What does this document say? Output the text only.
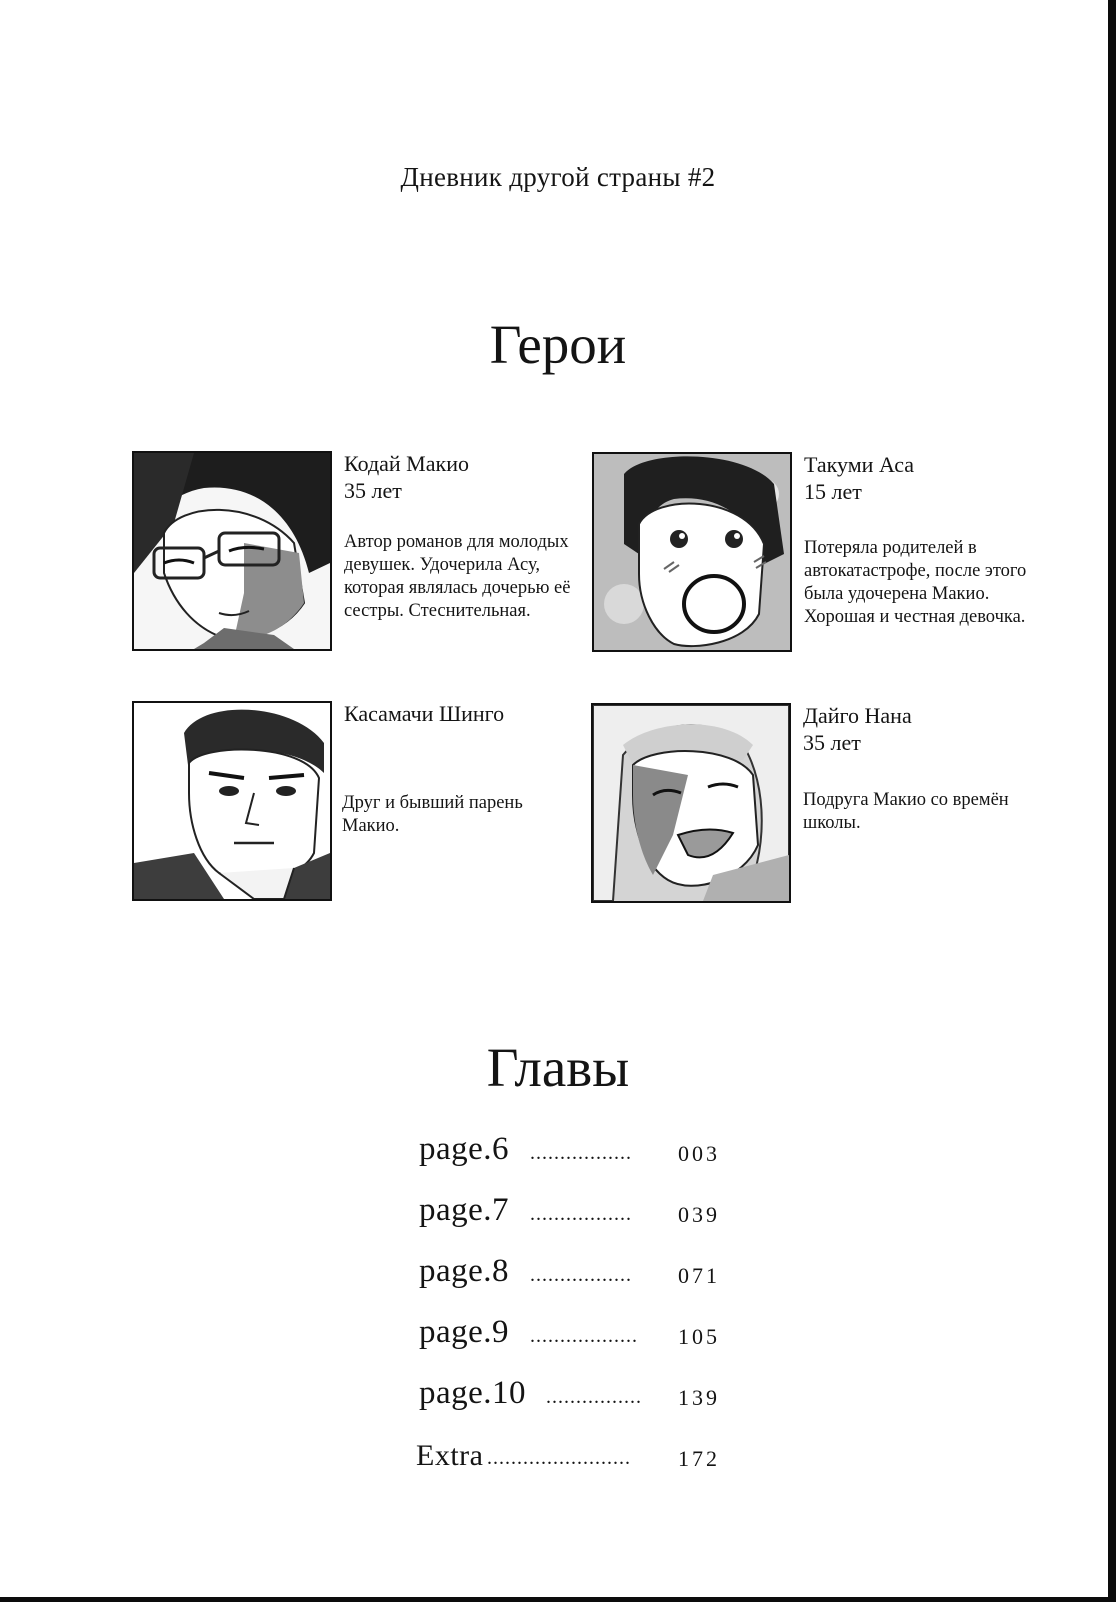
Дневник другой страны #2
Герои
Кодай Макио
35 лет
Автор романов для молодых девушек. Удочерила Асу, которая являлась дочерью её сестры. Стеснительная.
Такуми Аса
15 лет
Потеряла родителей в автокатастрофе, после этого была удочерена Макио. Хорошая и честная девочка.
Касамачи Шинго
Друг и бывший парень Макио.
Дайго Нана
35 лет
Подруга Макио со времён школы.
Главы
page.6 ................. 003
page.7 ................. 039
page.8 ................. 071
page.9 .................. 105
page.10 ................ 139
Extra ........................ 172
